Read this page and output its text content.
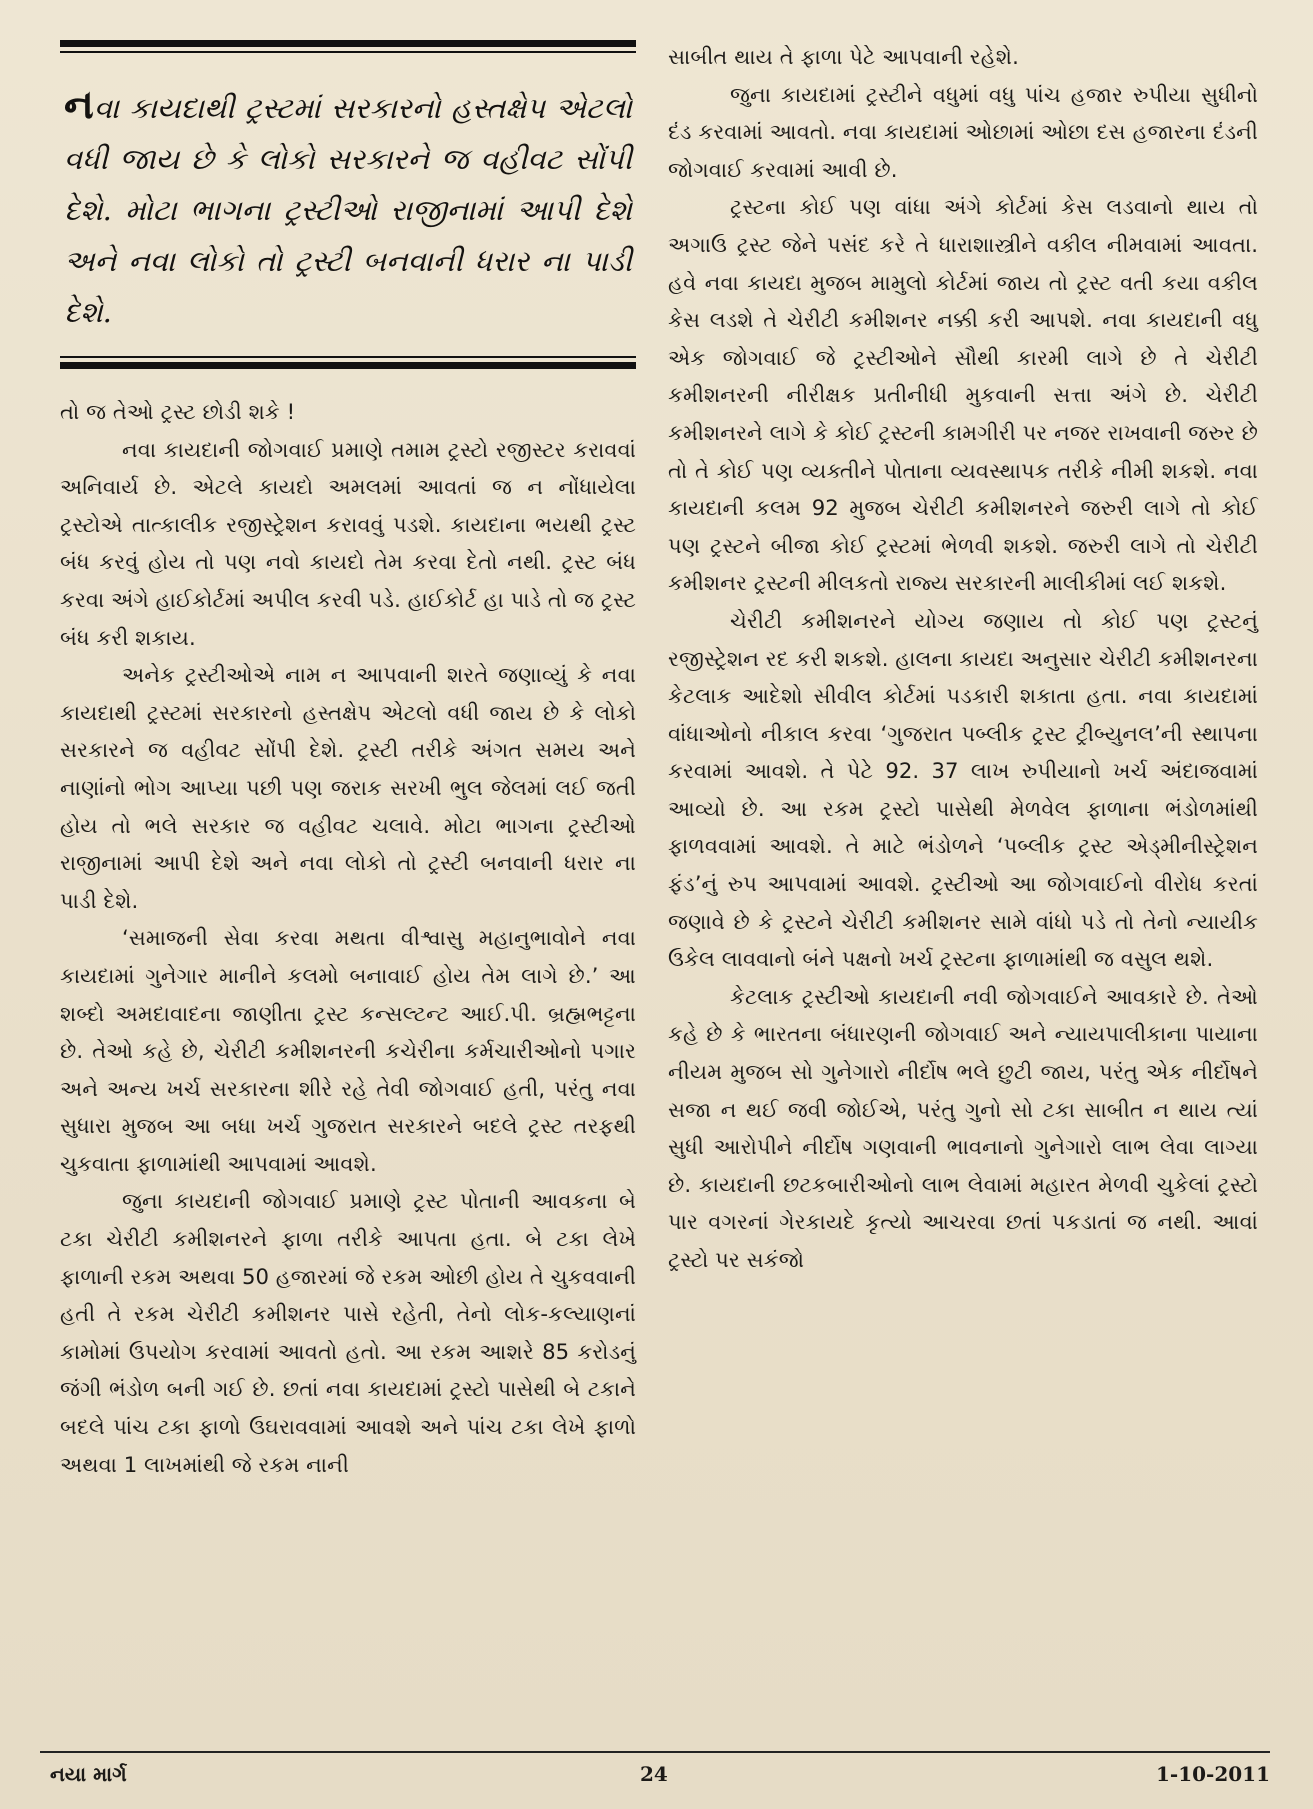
નવા કાયદાથી ટ્રસ્ટમાં સરકારનો હસ્તક્ષેપ એટલો વધી જાય છે કે લોકો સરકારને જ વહીવટ સોંપી દેશે. મોટા ભાગના ટ્રસ્ટીઓ રાજીનામાં આપી દેશે અને નવા લોકો તો ટ્રસ્ટી બનવાની ધરાર ના પાડી દેશે.

તો જ તેઓ ટ્રસ્ટ છોડી શકે !

નવા કાયદાની જોગવાઈ પ્રમાણે તમામ ટ્રસ્ટો રજીસ્ટર કરાવવાં અનિવાર્ય છે. એટલે કાયદો અમલમાં આવતાં જ ન નોંધાયેલા ટ્રસ્ટોએ તાત્કાલીક રજીસ્ટ્રેશન કરાવવું પડશે. કાયદાના ભયથી ટ્રસ્ટ બંધ કરવું હોય તો પણ નવો કાયદો તેમ કરવા દેતો નથી. ટ્રસ્ટ બંધ કરવા અંગે હાઈકોર્ટમાં અપીલ કરવી પડે. હાઈકોર્ટ હા પાડે તો જ ટ્રસ્ટ બંધ કરી શકાય.

અનેક ટ્રસ્ટીઓએ નામ ન આપવાની શરતે જણાવ્યું કે નવા કાયદાથી ટ્રસ્ટમાં સરકારનો હસ્તક્ષેપ એટલો વધી જાય છે કે લોકો સરકારને જ વહીવટ સોંપી દેશે. ટ્રસ્ટી તરીકે અંગત સમય અને નાણાંનો ભોગ આપ્યા પછી પણ જરાક સરખી ભુલ જેલમાં લઈ જતી હોય તો ભલે સરકાર જ વહીવટ ચલાવે. મોટા ભાગના ટ્રસ્ટીઓ રાજીનામાં આપી દેશે અને નવા લોકો તો ટ્રસ્ટી બનવાની ધરાર ના પાડી દેશે.

‘સમાજની સેવા કરવા મથતા વીશ્વાસુ મહાનુભાવોને નવા કાયદામાં ગુનેગાર માનીને કલમો બનાવાઈ હોય તેમ લાગે છે.’ આ શબ્દો અમદાવાદના જાણીતા ટ્રસ્ટ કન્સલ્ટન્ટ આઈ.પી. બ્રહ્મભટ્ટના છે. તેઓ કહે છે, ચેરીટી કમીશનરની કચેરીના કર્મચારીઓનો પગાર અને અન્ય ખર્ચ સરકારના શીરે રહે તેવી જોગવાઈ હતી, પરંતુ નવા સુધારા મુજબ આ બધા ખર્ચ ગુજરાત સરકારને બદલે ટ્રસ્ટ તરફથી ચુકવાતા ફાળામાંથી આપવામાં આવશે.

જુના કાયદાની જોગવાઈ પ્રમાણે ટ્રસ્ટ પોતાની આવકના બે ટકા ચેરીટી કમીશનરને ફાળા તરીકે આપતા હતા. બે ટકા લેખે ફાળાની રકમ અથવા 50 હજારમાં જે રકમ ઓછી હોય તે ચુકવવાની હતી તે રકમ ચેરીટી કમીશનર પાસે રહેતી, તેનો લોક-કલ્યાણનાં કામોમાં ઉપયોગ કરવામાં આવતો હતો. આ રકમ આશરે 85 કરોડનું જંગી ભંડોળ બની ગઈ છે. છતાં નવા કાયદામાં ટ્રસ્ટો પાસેથી બે ટકાને બદલે પાંચ ટકા ફાળો ઉઘરાવવામાં આવશે અને પાંચ ટકા લેખે ફાળો અથવા 1 લાખમાંથી જે રકમ નાની

સાબીત થાય તે ફાળા પેટે આપવાની રહેશે.

જુના કાયદામાં ટ્રસ્ટીને વધુમાં વધુ પાંચ હજાર રુપીયા સુધીનો દંડ કરવામાં આવતો. નવા કાયદામાં ઓછામાં ઓછા દસ હજારના દંડની જોગવાઈ કરવામાં આવી છે.

ટ્રસ્ટના કોઈ પણ વાંધા અંગે કોર્ટમાં કેસ લડવાનો થાય તો અગાઉ ટ્રસ્ટ જેને પસંદ કરે તે ધારાશાસ્ત્રીને વકીલ નીમવામાં આવતા. હવે નવા કાયદા મુજબ મામુલો કોર્ટમાં જાય તો ટ્રસ્ટ વતી કયા વકીલ કેસ લડશે તે ચેરીટી કમીશનર નક્કી કરી આપશે. નવા કાયદાની વધુ એક જોગવાઈ જે ટ્રસ્ટીઓને સૌથી કારમી લાગે છે તે ચેરીટી કમીશનરની નીરીક્ષક પ્રતીનીધી મુકવાની સત્તા અંગે છે. ચેરીટી કમીશનરને લાગે કે કોઈ ટ્રસ્ટની કામગીરી પર નજર રાખવાની જરુર છે તો તે કોઈ પણ વ્યક્તીને પોતાના વ્યવસ્થાપક તરીકે નીમી શકશે. નવા કાયદાની કલમ 92 મુજબ ચેરીટી કમીશનરને જરુરી લાગે તો કોઈ પણ ટ્રસ્ટને બીજા કોઈ ટ્રસ્ટમાં ભેળવી શકશે. જરુરી લાગે તો ચેરીટી કમીશનર ટ્રસ્ટની મીલકતો રાજ્ય સરકારની માલીકીમાં લઈ શકશે.

ચેરીટી કમીશનરને યોગ્ય જણાય તો કોઈ પણ ટ્રસ્ટનું રજીસ્ટ્રેશન રદ કરી શકશે. હાલના કાયદા અનુસાર ચેરીટી કમીશનરના કેટલાક આદેશો સીવીલ કોર્ટમાં પડકારી શકાતા હતા. નવા કાયદામાં વાંધાઓનો નીકાલ કરવા ‘ગુજરાત પબ્લીક ટ્રસ્ટ ટ્રીબ્યુનલ’ની સ્થાપના કરવામાં આવશે. તે પેટે 92. 37 લાખ રુપીયાનો ખર્ચ અંદાજવામાં આવ્યો છે. આ રકમ ટ્રસ્ટો પાસેથી મેળવેલ ફાળાના ભંડોળમાંથી ફાળવવામાં આવશે. તે માટે ભંડોળને ‘પબ્લીક ટ્રસ્ટ એડ્મીનીસ્ટ્રેશન ફંડ’નું રુપ આપવામાં આવશે. ટ્રસ્ટીઓ આ જોગવાઈનો વીરોધ કરતાં જણાવે છે કે ટ્રસ્ટને ચેરીટી કમીશનર સામે વાંધો પડે તો તેનો ન્યાયીક ઉકેલ લાવવાનો બંને પક્ષનો ખર્ચ ટ્રસ્ટના ફાળામાંથી જ વસુલ થશે.

કેટલાક ટ્રસ્ટીઓ કાયદાની નવી જોગવાઈને આવકારે છે. તેઓ કહે છે કે ભારતના બંધારણની જોગવાઈ અને ન્યાયપાલીકાના પાયાના નીયમ મુજબ સો ગુનેગારો નીર્દોષ ભલે છુટી જાય, પરંતુ એક નીર્દોષને સજા ન થઈ જવી જોઈએ, પરંતુ ગુનો સો ટકા સાબીત ન થાય ત્યાં સુધી આરોપીને નીર્દોષ ગણવાની ભાવનાનો ગુનેગારો લાભ લેવા લાગ્યા છે. કાયદાની છટકબારીઓનો લાભ લેવામાં મહારત મેળવી ચુકેલાં ટ્રસ્ટો પાર વગરનાં ગેરકાયદે કૃત્યો આચરવા છતાં પકડાતાં જ નથી. આવાં ટ્રસ્ટો પર સકંજો

નયા માર્ગ	24	1-10-2011
